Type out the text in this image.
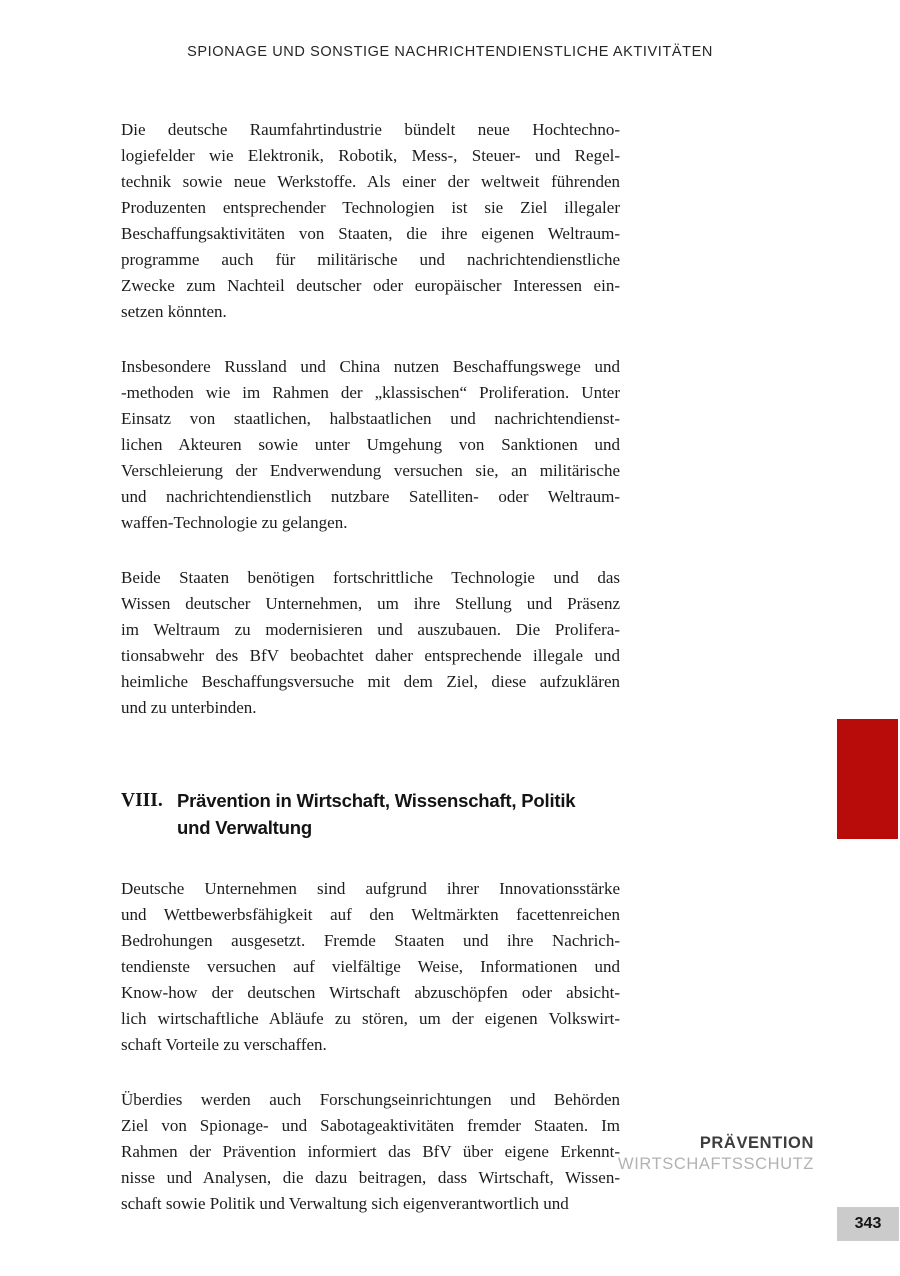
SPIONAGE UND SONSTIGE NACHRICHTENDIENSTLICHE AKTIVITÄTEN
Die deutsche Raumfahrtindustrie bündelt neue Hochtechno-
logiefelder wie Elektronik, Robotik, Mess-, Steuer- und Regel-
technik sowie neue Werkstoffe. Als einer der weltweit führenden
Produzenten entsprechender Technologien ist sie Ziel illegaler
Beschaffungsaktivitäten von Staaten, die ihre eigenen Weltraum-
programme auch für militärische und nachrichtendienstliche
Zwecke zum Nachteil deutscher oder europäischer Interessen ein-
setzen könnten.
Insbesondere Russland und China nutzen Beschaffungswege und
-methoden wie im Rahmen der „klassischen“ Proliferation. Unter
Einsatz von staatlichen, halbstaatlichen und nachrichtendienst-
lichen Akteuren sowie unter Umgehung von Sanktionen und
Verschleierung der Endverwendung versuchen sie, an militärische
und nachrichtendienstlich nutzbare Satelliten- oder Weltraum-
waffen-Technologie zu gelangen.
Beide Staaten benötigen fortschrittliche Technologie und das
Wissen deutscher Unternehmen, um ihre Stellung und Präsenz
im Weltraum zu modernisieren und auszubauen. Die Prolifera-
tionsabwehr des BfV beobachtet daher entsprechende illegale und
heimliche Beschaffungsversuche mit dem Ziel, diese aufzuklären
und zu unterbinden.
VIII. Prävention in Wirtschaft, Wissenschaft, Politik
und Verwaltung
Deutsche Unternehmen sind aufgrund ihrer Innovationsstärke
und Wettbewerbsfähigkeit auf den Weltmärkten facettenreichen
Bedrohungen ausgesetzt. Fremde Staaten und ihre Nachrich-
tendienste versuchen auf vielfältige Weise, Informationen und
Know-how der deutschen Wirtschaft abzuschöpfen oder absicht-
lich wirtschaftliche Abläufe zu stören, um der eigenen Volkswirt-
schaft Vorteile zu verschaffen.
Überdies werden auch Forschungseinrichtungen und Behörden
Ziel von Spionage- und Sabotageaktivitäten fremder Staaten. Im
Rahmen der Prävention informiert das BfV über eigene Erkennt-
nisse und Analysen, die dazu beitragen, dass Wirtschaft, Wissen-
schaft sowie Politik und Verwaltung sich eigenverantwortlich und
PRÄVENTION
WIRTSCHAFTSSCHUTZ
343
